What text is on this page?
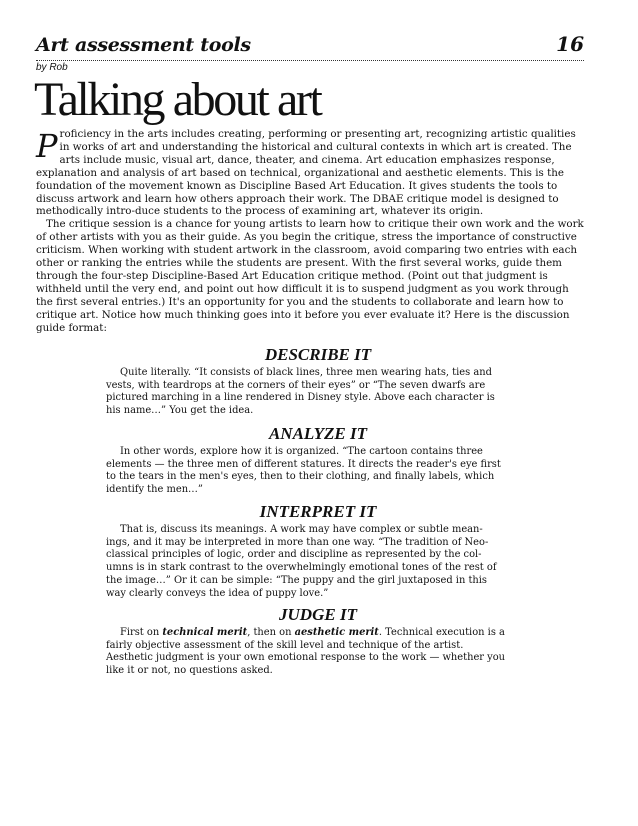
Art assessment tools	16
by Rob
Talking about art

Proficiency in the arts includes creating, performing or presenting art, recognizing artistic qualities in works of art and understanding the historical and cultural contexts in which art is created. The arts include music, visual art, dance, theater, and cinema. Art education emphasizes response, explanation and analysis of art based on technical, organizational and aesthetic elements. This is the foundation of the movement known as Discipline Based Art Education. It gives students the tools to discuss artwork and learn how others approach their work. The DBAE critique model is designed to methodically intro-duce students to the process of examining art, whatever its origin.

The critique session is a chance for young artists to learn how to critique their own work and the work of other artists with you as their guide. As you begin the critique, stress the importance of constructive criticism. When working with student artwork in the classroom, avoid comparing two entries with each other or ranking the entries while the students are present. With the first several works, guide them through the four-step Discipline-Based Art Education critique method. (Point out that judgment is withheld until the very end, and point out how difficult it is to suspend judgment as you work through the first several entries.) It's an opportunity for you and the students to collaborate and learn how to critique art. Notice how much thinking goes into it before you ever evaluate it? Here is the discussion guide format:

DESCRIBE IT

Quite literally. “It consists of black lines, three men wearing hats, ties and vests, with teardrops at the corners of their eyes” or “The seven dwarfs are pictured marching in a line rendered in Disney style. Above each character is his name…” You get the idea.

ANALYZE IT

In other words, explore how it is organized. “The cartoon contains three elements — the three men of different statures. It directs the reader's eye first to the tears in the men's eyes, then to their clothing, and finally labels, which identify the men…”

INTERPRET IT

That is, discuss its meanings. A work may have complex or subtle mean-ings, and it may be interpreted in more than one way. “The tradition of Neo-classical principles of logic, order and discipline as represented by the col-umns is in stark contrast to the overwhelmingly emotional tones of the rest of the image…” Or it can be simple: “The puppy and the girl juxtaposed in this way clearly conveys the idea of puppy love.”

JUDGE IT

First on technical merit, then on aesthetic merit. Technical execution is a fairly objective assessment of the skill level and technique of the artist. Aesthetic judgment is your own emotional response to the work — whether you like it or not, no questions asked.
